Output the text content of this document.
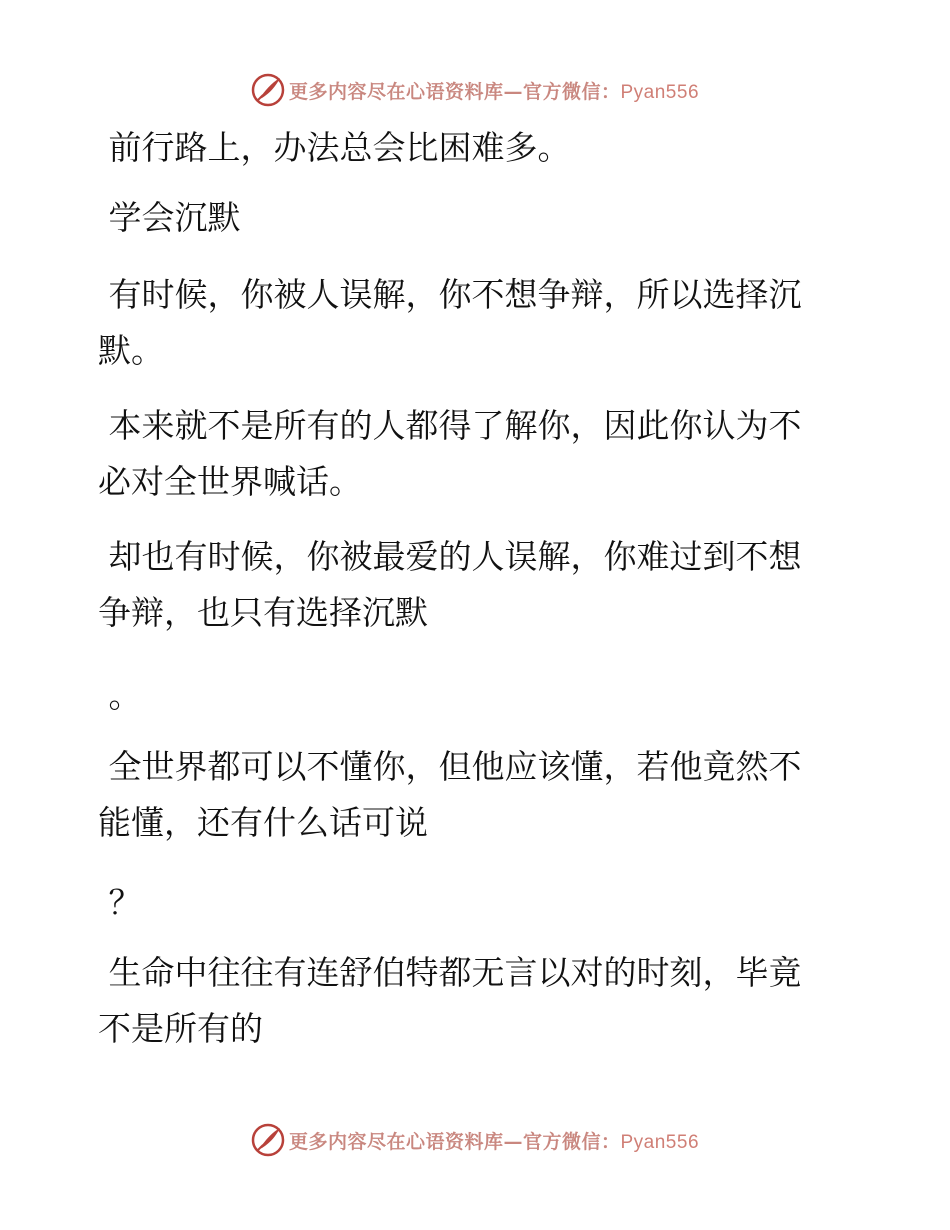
更多内容尽在心语资料库—官方微信：Pyan556

前行路上，办法总会比困难多。

学会沉默

有时候，你被人误解，你不想争辩，所以选择沉默。

本来就不是所有的人都得了解你，因此你认为不必对全世界喊话。

却也有时候，你被最爱的人误解，你难过到不想争辩，也只有选择沉默

。

全世界都可以不懂你，但他应该懂，若他竟然不能懂，还有什么话可说

？

生命中往往有连舒伯特都无言以对的时刻，毕竟不是所有的

更多内容尽在心语资料库—官方微信：Pyan556
